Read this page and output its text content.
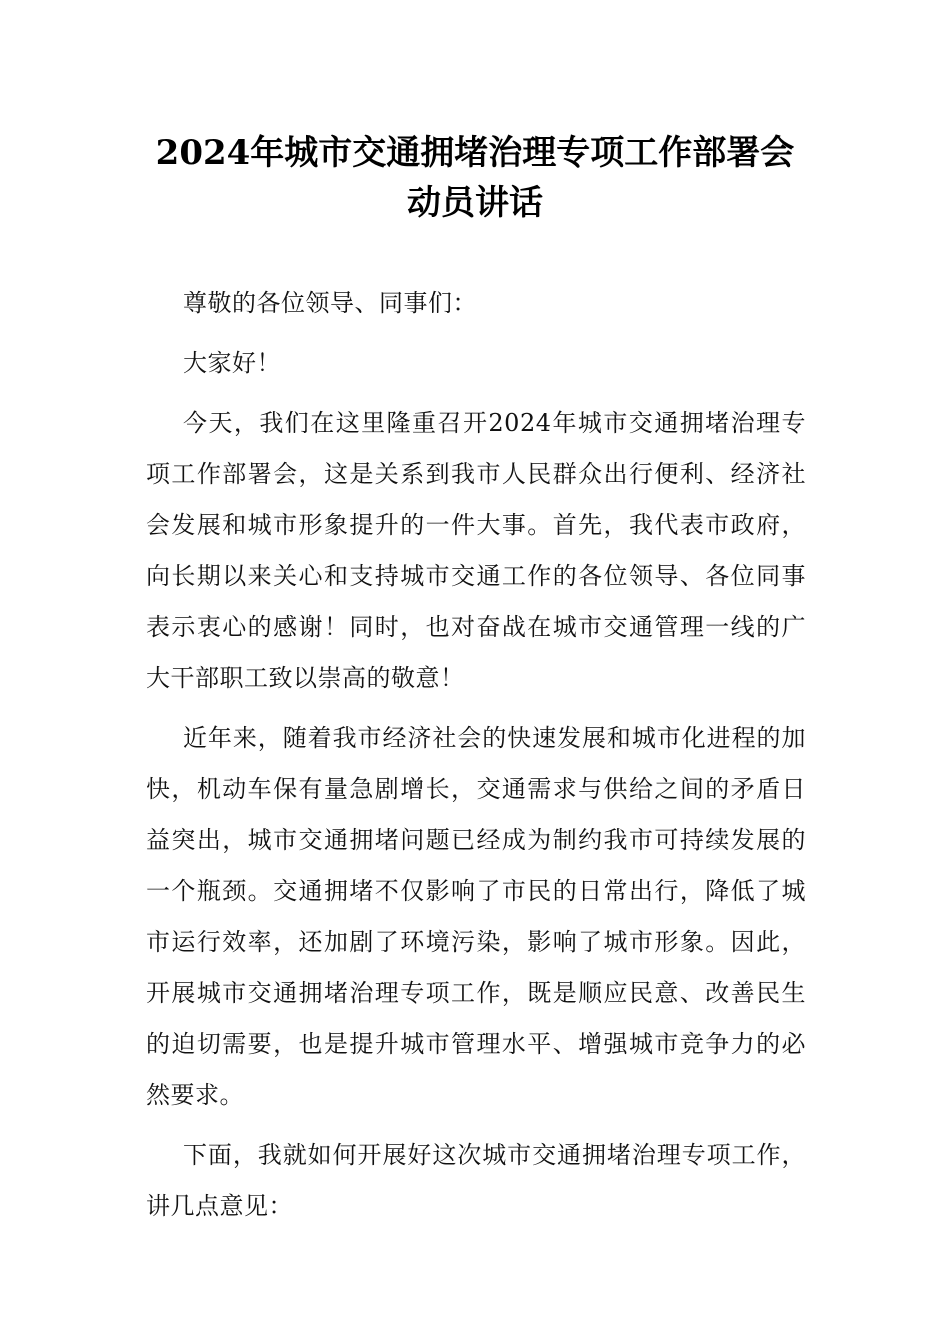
2024年城市交通拥堵治理专项工作部署会
动员讲话

尊敬的各位领导、同事们：

大家好！

今天，我们在这里隆重召开2024年城市交通拥堵治理专项工作部署会，这是关系到我市人民群众出行便利、经济社会发展和城市形象提升的一件大事。首先，我代表市政府，向长期以来关心和支持城市交通工作的各位领导、各位同事表示衷心的感谢！同时，也对奋战在城市交通管理一线的广大干部职工致以崇高的敬意！

近年来，随着我市经济社会的快速发展和城市化进程的加快，机动车保有量急剧增长，交通需求与供给之间的矛盾日益突出，城市交通拥堵问题已经成为制约我市可持续发展的一个瓶颈。交通拥堵不仅影响了市民的日常出行，降低了城市运行效率，还加剧了环境污染，影响了城市形象。因此，开展城市交通拥堵治理专项工作，既是顺应民意、改善民生的迫切需要，也是提升城市管理水平、增强城市竞争力的必然要求。

下面，我就如何开展好这次城市交通拥堵治理专项工作，讲几点意见：
